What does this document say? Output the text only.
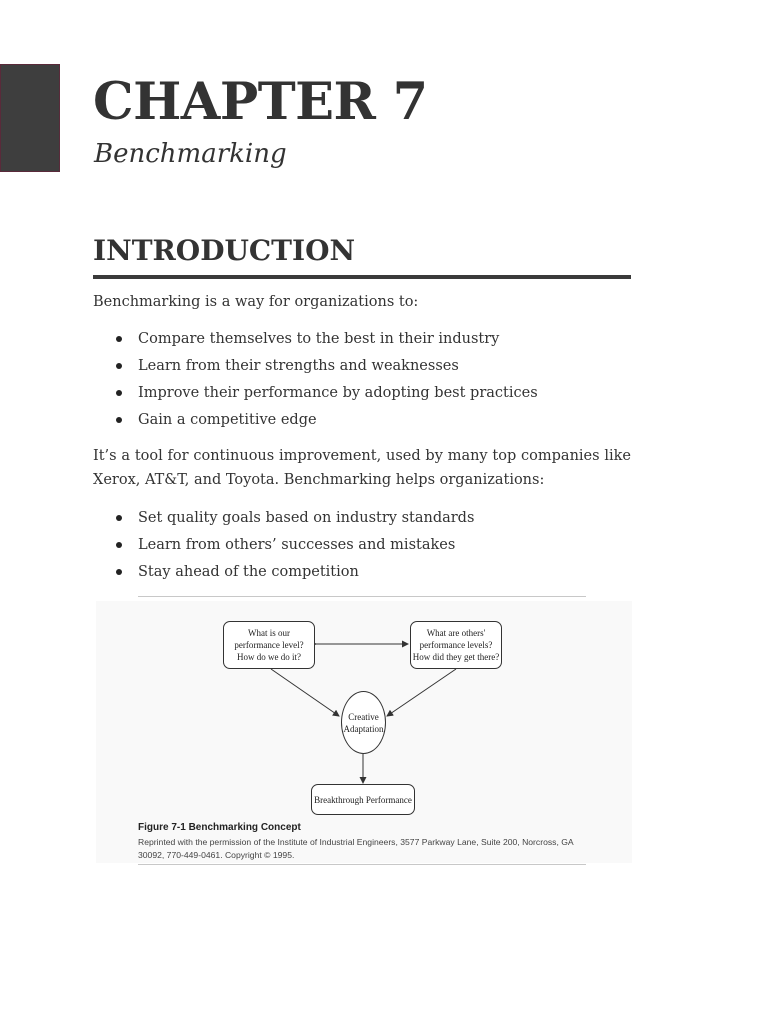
CHAPTER 7

Benchmarking

INTRODUCTION

Benchmarking is a way for organizations to:

Compare themselves to the best in their industry
Learn from their strengths and weaknesses
Improve their performance by adopting best practices
Gain a competitive edge

It’s a tool for continuous improvement, used by many top companies like Xerox, AT&T, and Toyota. Benchmarking helps organizations:

Set quality goals based on industry standards
Learn from others’ successes and mistakes
Stay ahead of the competition
What is our
performance level?
How do we do it?
What are others'
performance levels?
How did they get there?
Creative
Adaptation
Breakthrough Performance

Figure 7-1 Benchmarking Concept

Reprinted with the permission of the Institute of Industrial Engineers, 3577 Parkway Lane, Suite 200, Norcross, GA 30092, 770-449-0461. Copyright © 1995.
